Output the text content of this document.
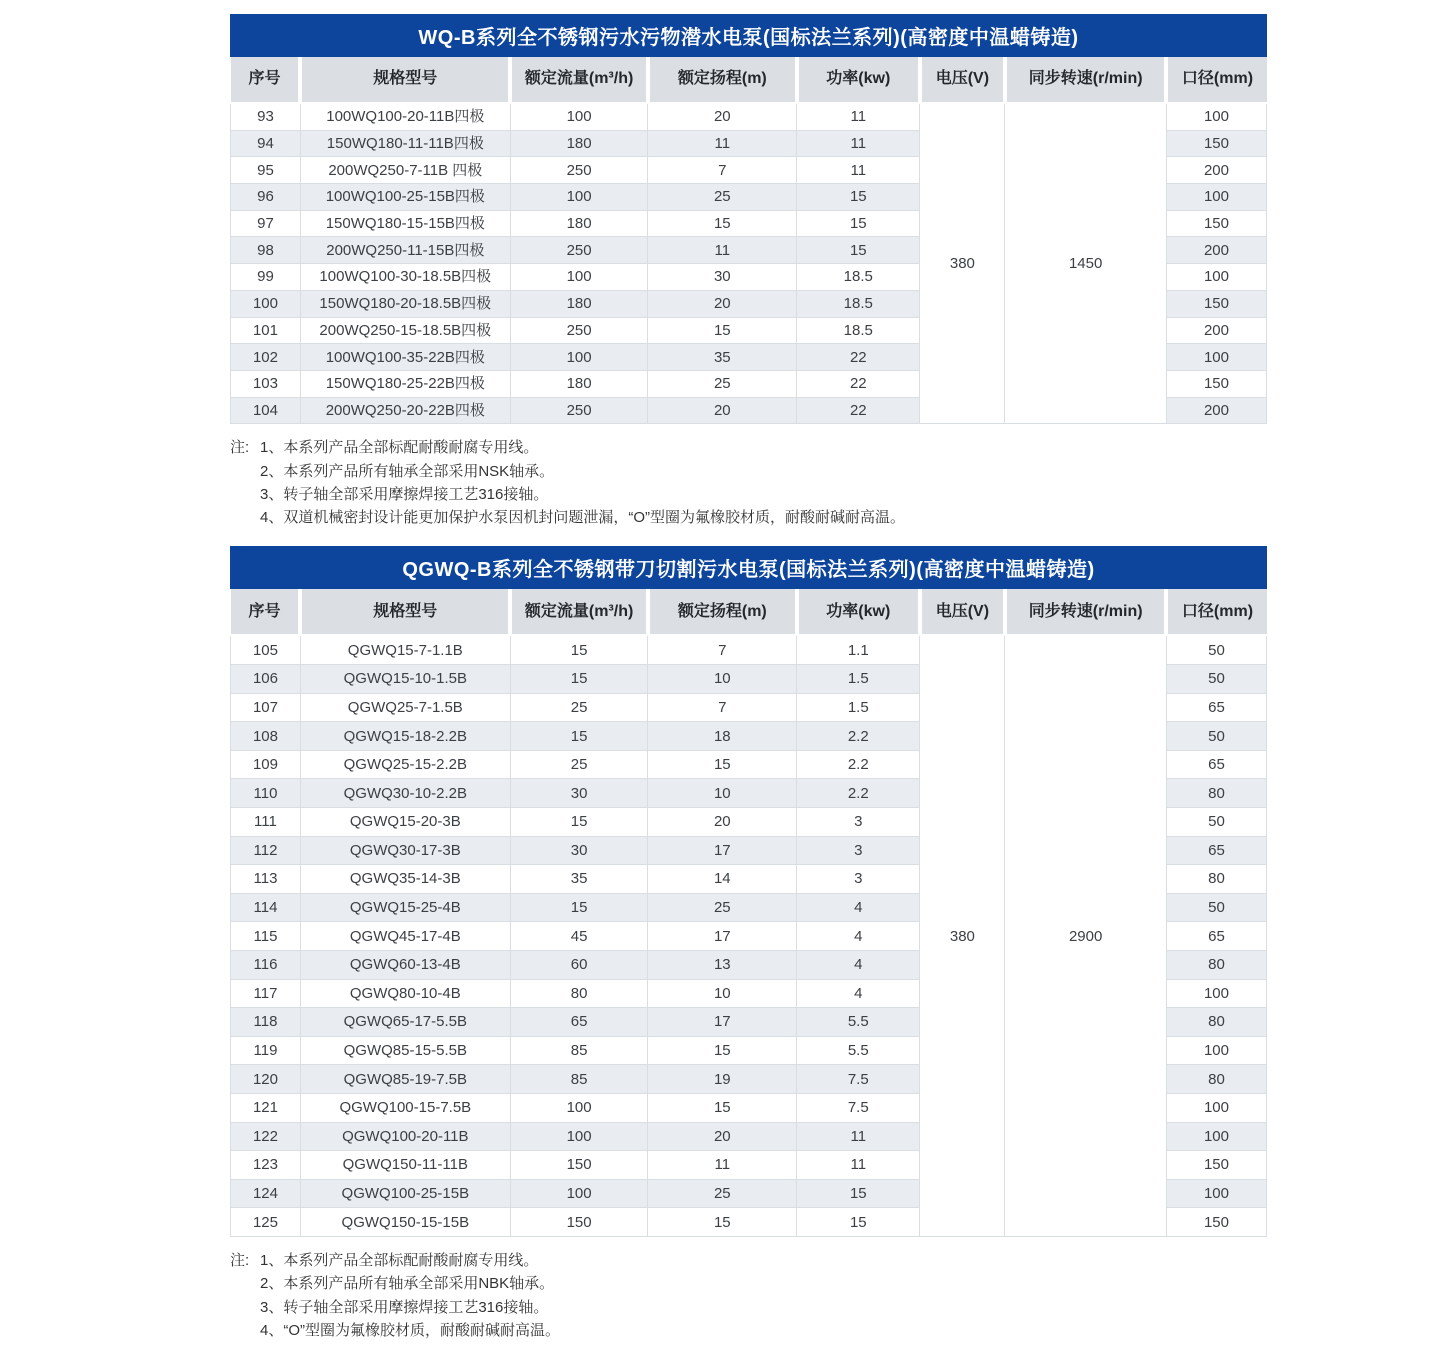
WQ-B系列全不锈钢污水污物潜水电泵(国标法兰系列)(高密度中温蜡铸造)
序号	规格型号	额定流量(m³/h)	额定扬程(m)	功率(kw)	电压(V)	同步转速(r/min)	口径(mm)
93	100WQ100-20-11B四极	100	20	11	380	1450	100
94	150WQ180-11-11B四极	180	11	11			150
95	200WQ250-7-11B 四极	250	7	11			200
96	100WQ100-25-15B四极	100	25	15			100
97	150WQ180-15-15B四极	180	15	15			150
98	200WQ250-11-15B四极	250	11	15			200
99	100WQ100-30-18.5B四极	100	30	18.5			100
100	150WQ180-20-18.5B四极	180	20	18.5			150
101	200WQ250-15-18.5B四极	250	15	18.5			200
102	100WQ100-35-22B四极	100	35	22			100
103	150WQ180-25-22B四极	180	25	22			150
104	200WQ250-20-22B四极	250	20	22			200
注: 1、本系列产品全部标配耐酸耐腐专用线。
2、本系列产品所有轴承全部采用NSK轴承。
3、转子轴全部采用摩擦焊接工艺316接轴。
4、双道机械密封设计能更加保护水泵因机封问题泄漏，“O”型圈为氟橡胶材质，耐酸耐碱耐高温。
QGWQ-B系列全不锈钢带刀切割污水电泵(国标法兰系列)(高密度中温蜡铸造)
序号	规格型号	额定流量(m³/h)	额定扬程(m)	功率(kw)	电压(V)	同步转速(r/min)	口径(mm)
105	QGWQ15-7-1.1B	15	7	1.1	380	2900	50
106	QGWQ15-10-1.5B	15	10	1.5			50
107	QGWQ25-7-1.5B	25	7	1.5			65
108	QGWQ15-18-2.2B	15	18	2.2			50
109	QGWQ25-15-2.2B	25	15	2.2			65
110	QGWQ30-10-2.2B	30	10	2.2			80
111	QGWQ15-20-3B	15	20	3			50
112	QGWQ30-17-3B	30	17	3			65
113	QGWQ35-14-3B	35	14	3			80
114	QGWQ15-25-4B	15	25	4			50
115	QGWQ45-17-4B	45	17	4			65
116	QGWQ60-13-4B	60	13	4			80
117	QGWQ80-10-4B	80	10	4			100
118	QGWQ65-17-5.5B	65	17	5.5			80
119	QGWQ85-15-5.5B	85	15	5.5			100
120	QGWQ85-19-7.5B	85	19	7.5			80
121	QGWQ100-15-7.5B	100	15	7.5			100
122	QGWQ100-20-11B	100	20	11			100
123	QGWQ150-11-11B	150	11	11			150
124	QGWQ100-25-15B	100	25	15			100
125	QGWQ150-15-15B	150	15	15			150
注: 1、本系列产品全部标配耐酸耐腐专用线。
2、本系列产品所有轴承全部采用NBK轴承。
3、转子轴全部采用摩擦焊接工艺316接轴。
4、“O”型圈为氟橡胶材质，耐酸耐碱耐高温。
